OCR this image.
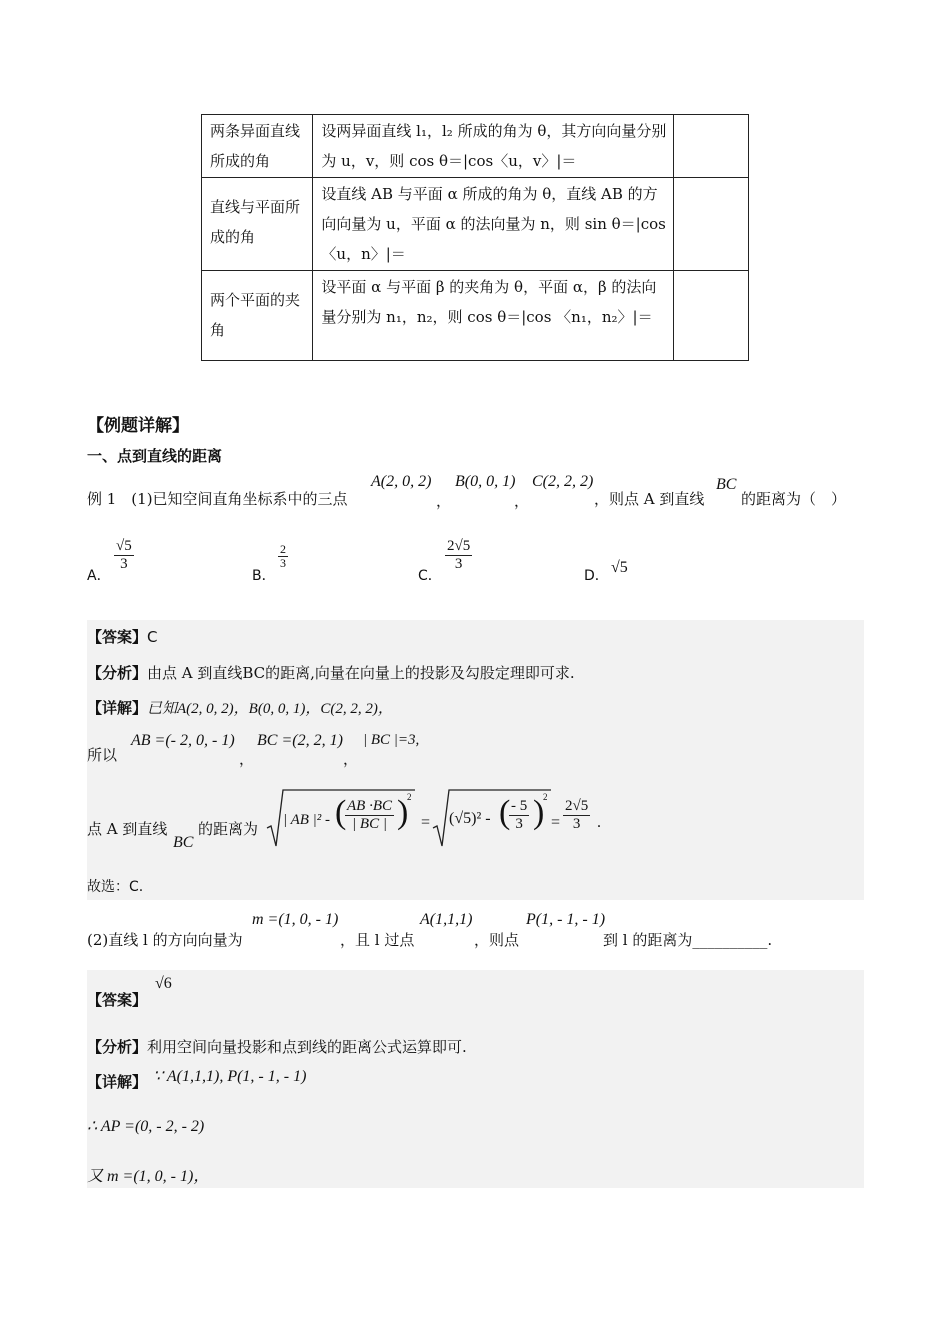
两条异面直线所成的角	设两异面直线 l₁，l₂ 所成的角为 θ，其方向向量分别为 u，v，则 cos θ＝|cos〈u，v〉|＝	
直线与平面所成的角	设直线 AB 与平面 α 所成的角为 θ，直线 AB 的方向向量为 u，平面 α 的法向量为 n，则 sin θ＝|cos 〈u，n〉|＝	
两个平面的夹角	设平面 α 与平面 β 的夹角为 θ，平面 α，β 的法向量分别为 n₁，n₂，则 cos θ＝|cos 〈n₁，n₂〉|＝	
【例题详解】
一、点到直线的距离
例 1　(1)已知空间直角坐标系中的三点
A(2, 0, 2)
，
B(0, 0, 1)
，
C(2, 2, 2)
，则点 A 到直线
BC
的距离为（　）
A．
$\frac{√5}{3}$
B．
$\frac{2}{3}$
C．
$\frac{2√5}{3}$
D． √5
【答案】C
【分析】由点 A 到直线BC的距离,向量在向量上的投影及勾股定理即可求.
【详解】已知A(2, 0, 2)，B(0, 0, 1)，C(2, 2, 2)，
所以
AB =(- 2, 0, - 1)
，
BC =(2, 2, 1)
，
| BC |=3,
点 A 到直线
BC
的距离为 | AB |² - (
$\frac{AB \cdot BC}{| BC |}$ )
2
= (√5)² - (
$\frac{- 5}{3}$ )
2
= $\frac{2√5}{3}$ .
故选：C.
(2)直线 l 的方向向量为
m =(1, 0, - 1)
，且 l 过点
A(1,1,1)
，则点
P(1, - 1, - 1)
到 l 的距离为__________.
【答案】
√6
【分析】利用空间向量投影和点到线的距离公式运算即可.
【详解】 ∵ A(1,1,1), P(1, - 1, - 1)
∴ AP =(0, - 2, - 2)
又 m =(1, 0, - 1)，
